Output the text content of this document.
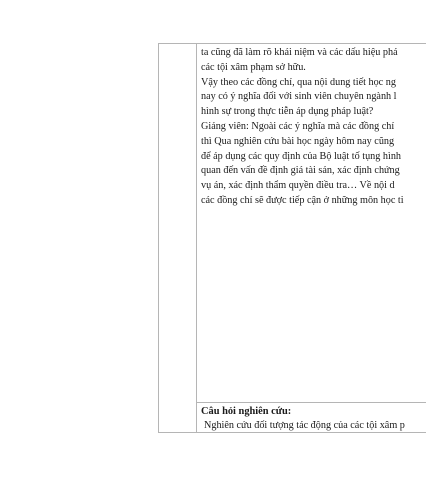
ta cũng đã làm rõ khái niệm và các dấu hiệu phá
các tội xâm phạm sở hữu.
Vậy theo các đồng chí, qua nội dung tiết học ng
nay có ý nghĩa đối với sinh viên chuyên ngành l
hình sự trong thực tiễn áp dụng pháp luật?
Giảng viên: Ngoài các ý nghĩa mà các đồng chí
thì Qua nghiên cứu bài học ngày hôm nay cũng
để áp dụng các quy định của Bộ luật tố tụng hình
quan đến vấn đề định giá tài sản, xác định chứng
vụ án, xác định thẩm quyền điều tra… Về nội d
các đồng chí sẽ được tiếp cận ở những môn học ti
Câu hỏi nghiên cứu:
Nghiên cứu đối tượng tác động của các tội xâm p
